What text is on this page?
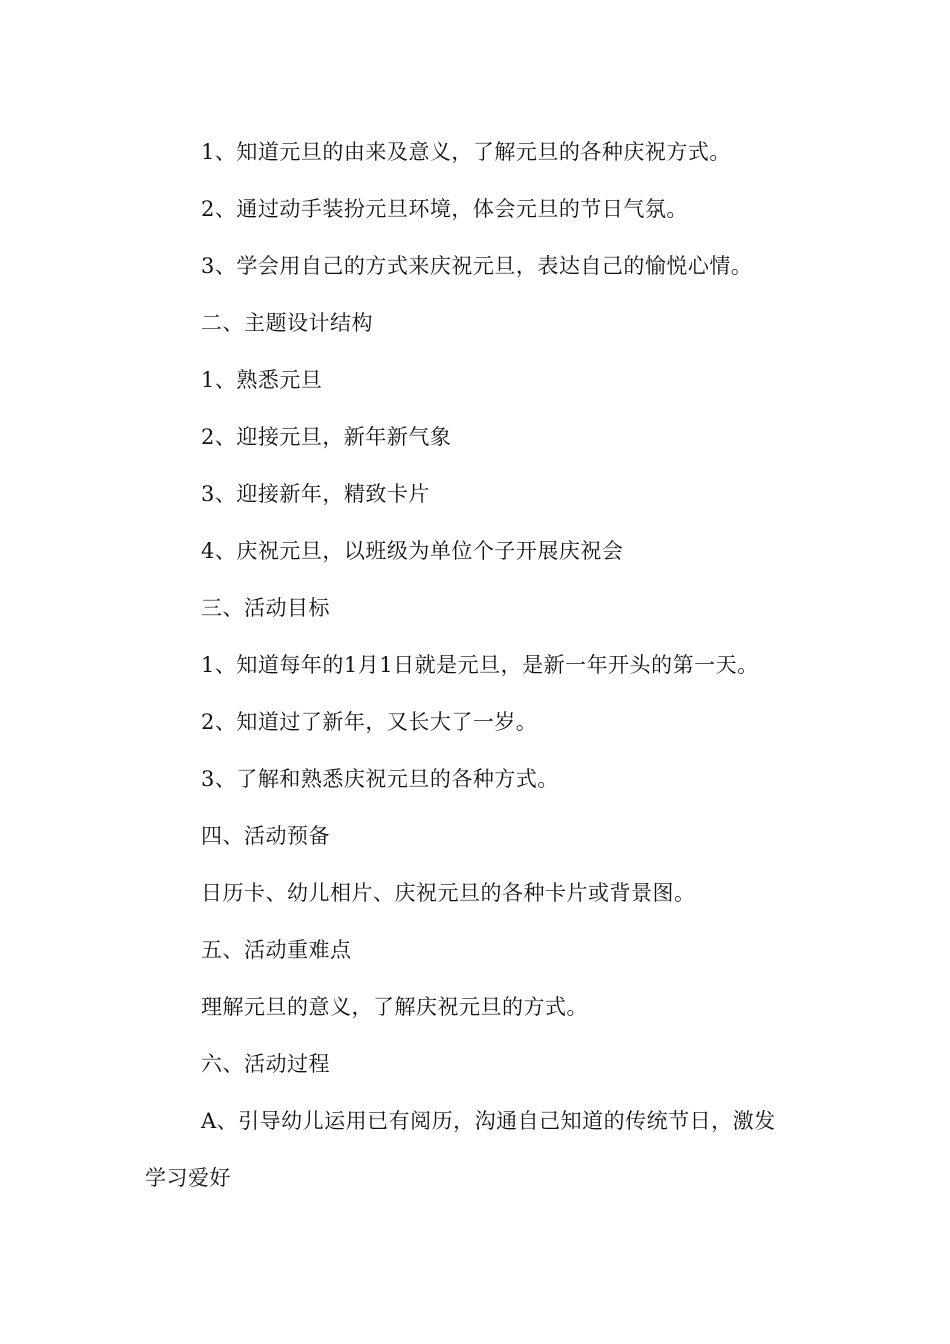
1、知道元旦的由来及意义，了解元旦的各种庆祝方式。
2、通过动手装扮元旦环境，体会元旦的节日气氛。
3、学会用自己的方式来庆祝元旦，表达自己的愉悦心情。
二、主题设计结构
1、熟悉元旦
2、迎接元旦，新年新气象
3、迎接新年，精致卡片
4、庆祝元旦，以班级为单位个子开展庆祝会
三、活动目标
1、知道每年的1月1日就是元旦，是新一年开头的第一天。
2、知道过了新年，又长大了一岁。
3、了解和熟悉庆祝元旦的各种方式。
四、活动预备
日历卡、幼儿相片、庆祝元旦的各种卡片或背景图。
五、活动重难点
理解元旦的意义，了解庆祝元旦的方式。
六、活动过程
A、引导幼儿运用已有阅历，沟通自己知道的传统节日，激发
学习爱好
